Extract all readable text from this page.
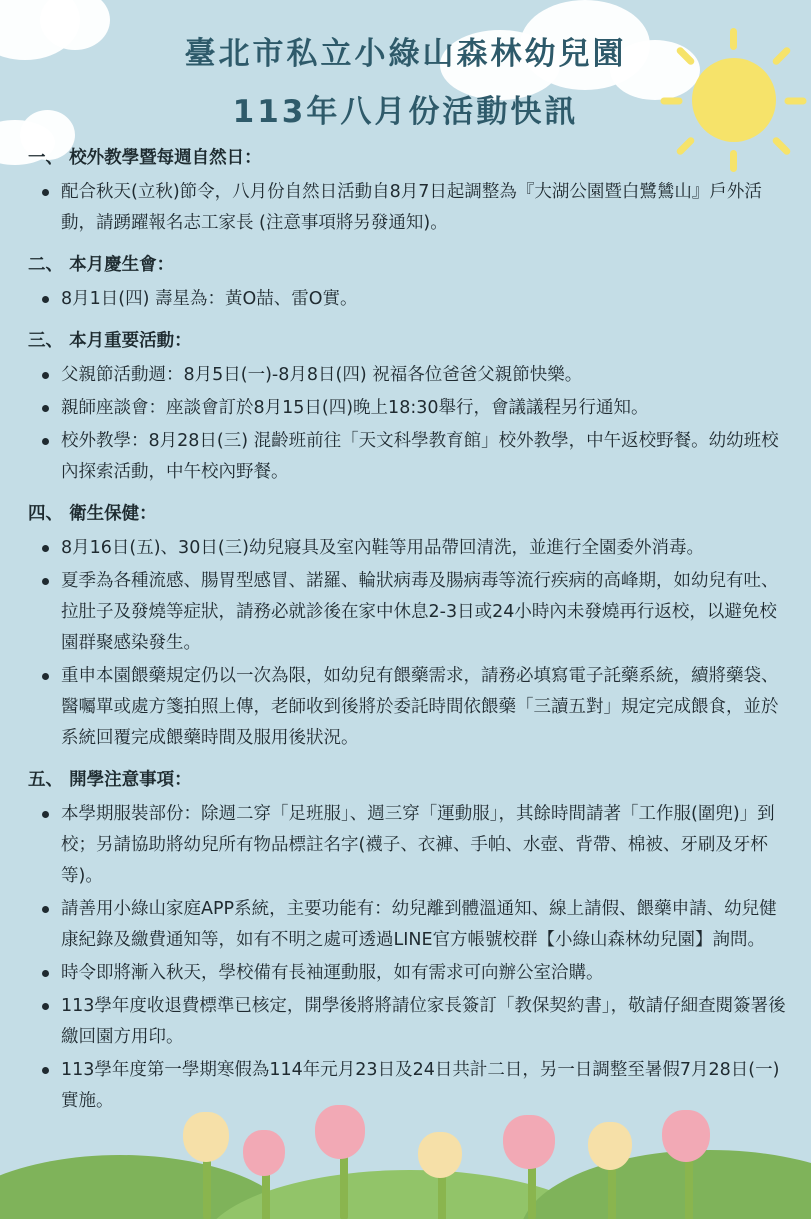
臺北市私立小綠山森林幼兒園
113年八月份活動快訊
一、 校外教學暨每週自然日：
配合秋天(立秋)節令，八月份自然日活動自8月7日起調整為『大湖公園暨白鷺鷥山』戶外活動，請踴躍報名志工家長 (注意事項將另發通知)。
二、 本月慶生會：
8月1日(四) 壽星為：黃O喆、雷O實。
三、 本月重要活動：
父親節活動週：8月5日(一)-8月8日(四) 祝福各位爸爸父親節快樂。
親師座談會：座談會訂於8月15日(四)晚上18:30舉行，會議議程另行通知。
校外教學：8月28日(三) 混齡班前往「天文科學教育館」校外教學，中午返校野餐。幼幼班校內探索活動，中午校內野餐。
四、 衛生保健：
8月16日(五)、30日(三)幼兒寢具及室內鞋等用品帶回清洗，並進行全園委外消毒。
夏季為各種流感、腸胃型感冒、諾羅、輪狀病毒及腸病毒等流行疾病的高峰期，如幼兒有吐、拉肚子及發燒等症狀，請務必就診後在家中休息2-3日或24小時內未發燒再行返校，以避免校園群聚感染發生。
重申本園餵藥規定仍以一次為限，如幼兒有餵藥需求，請務必填寫電子託藥系統，續將藥袋、醫囑單或處方箋拍照上傳，老師收到後將於委託時間依餵藥「三讀五對」規定完成餵食，並於系統回覆完成餵藥時間及服用後狀況。
五、 開學注意事項：
本學期服裝部份：除週二穿「足班服」、週三穿「運動服」，其餘時間請著「工作服(圍兜)」到校；另請協助將幼兒所有物品標註名字(襪子、衣褲、手帕、水壺、背帶、棉被、牙刷及牙杯等)。
請善用小綠山家庭APP系統，主要功能有：幼兒離到體溫通知、線上請假、餵藥申請、幼兒健康紀錄及繳費通知等，如有不明之處可透過LINE官方帳號校群【小綠山森林幼兒園】詢問。
時令即將漸入秋天，學校備有長袖運動服，如有需求可向辦公室洽購。
113學年度收退費標準已核定，開學後將將請位家長簽訂「教保契約書」，敬請仔細查閱簽署後繳回園方用印。
113學年度第一學期寒假為114年元月23日及24日共計二日，另一日調整至暑假7月28日(一)實施。
